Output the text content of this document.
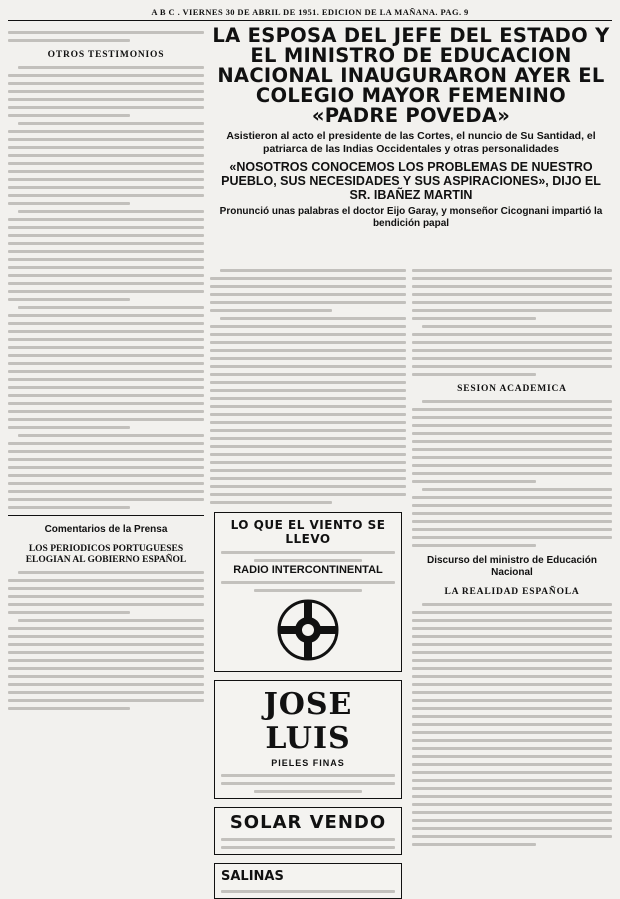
A B C . VIERNES 30 DE ABRIL DE 1951. EDICION DE LA MAÑANA. PAG. 9
OTROS TESTIMONIOS
Comentarios de la Prensa
LOS PERIODICOS PORTUGUESES ELOGIAN AL GOBIERNO ESPAÑOL
LA ESPOSA DEL JEFE DEL ESTADO Y EL MINISTRO DE EDUCACION NACIONAL INAUGURARON AYER EL COLEGIO MAYOR FEMENINO «PADRE POVEDA»

Asistieron al acto el presidente de las Cortes, el nuncio de Su Santidad, el patriarca de las Indias Occidentales y otras personalidades

«NOSOTROS CONOCEMOS LOS PROBLEMAS DE NUESTRO PUEBLO, SUS NECESIDADES Y SUS ASPIRACIONES», DIJO EL SR. IBAÑEZ MARTIN

Pronunció unas palabras el doctor Eijo Garay, y monseñor Cicognani impartió la bendición papal

LO QUE EL VIENTO SE LLEVO
RADIO INTERCONTINENTAL
JOSE LUIS
PIELES FINAS
SOLAR VENDO
SALINAS
SESION ACADEMICA
Discurso del ministro de Educación Nacional
LA REALIDAD ESPAÑOLA
